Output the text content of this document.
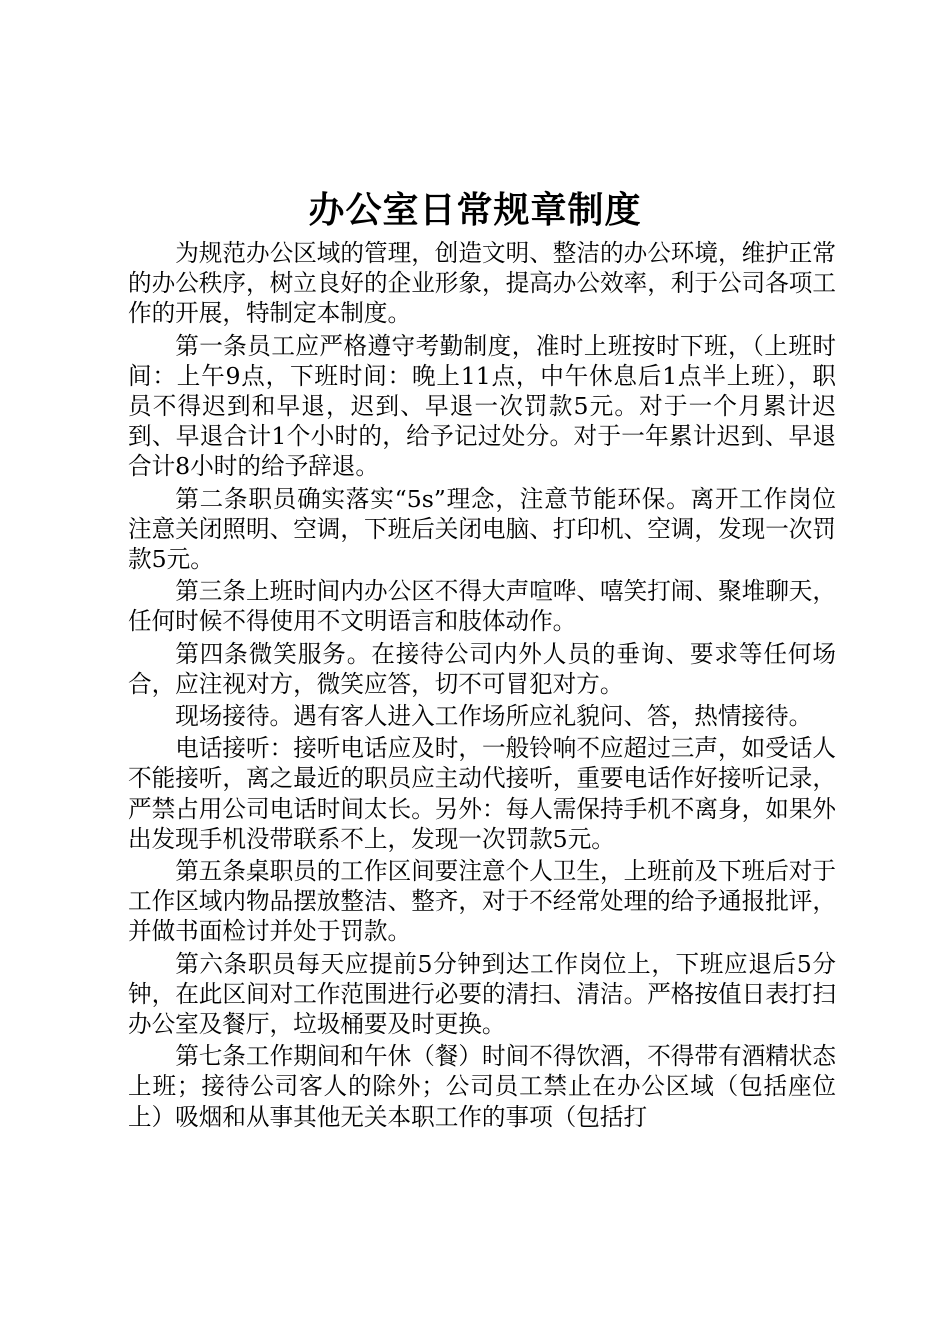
办公室日常规章制度

为规范办公区域的管理，创造文明、整洁的办公环境，维护正常的办公秩序，树立良好的企业形象，提高办公效率，利于公司各项工作的开展，特制定本制度。

第一条员工应严格遵守考勤制度，准时上班按时下班，（上班时间：上午9点，下班时间：晚上11点，中午休息后1点半上班），职员不得迟到和早退，迟到、早退一次罚款5元。对于一个月累计迟到、早退合计1个小时的，给予记过处分。对于一年累计迟到、早退合计8小时的给予辞退。

第二条职员确实落实“5s”理念，注意节能环保。离开工作岗位注意关闭照明、空调，下班后关闭电脑、打印机、空调，发现一次罚款5元。

第三条上班时间内办公区不得大声喧哗、嘻笑打闹、聚堆聊天，任何时候不得使用不文明语言和肢体动作。

第四条微笑服务。在接待公司内外人员的垂询、要求等任何场合，应注视对方，微笑应答，切不可冒犯对方。

现场接待。遇有客人进入工作场所应礼貌问、答，热情接待。

电话接听：接听电话应及时，一般铃响不应超过三声，如受话人不能接听，离之最近的职员应主动代接听，重要电话作好接听记录，严禁占用公司电话时间太长。另外：每人需保持手机不离身，如果外出发现手机没带联系不上，发现一次罚款5元。

第五条桌职员的工作区间要注意个人卫生，上班前及下班后对于工作区域内物品摆放整洁、整齐，对于不经常处理的给予通报批评，并做书面检讨并处于罚款。

第六条职员每天应提前5分钟到达工作岗位上，下班应退后5分钟，在此区间对工作范围进行必要的清扫、清洁。严格按值日表打扫办公室及餐厅，垃圾桶要及时更换。

第七条工作期间和午休（餐）时间不得饮酒，不得带有酒精状态上班；接待公司客人的除外；公司员工禁止在办公区域（包括座位上）吸烟和从事其他无关本职工作的事项（包括打
